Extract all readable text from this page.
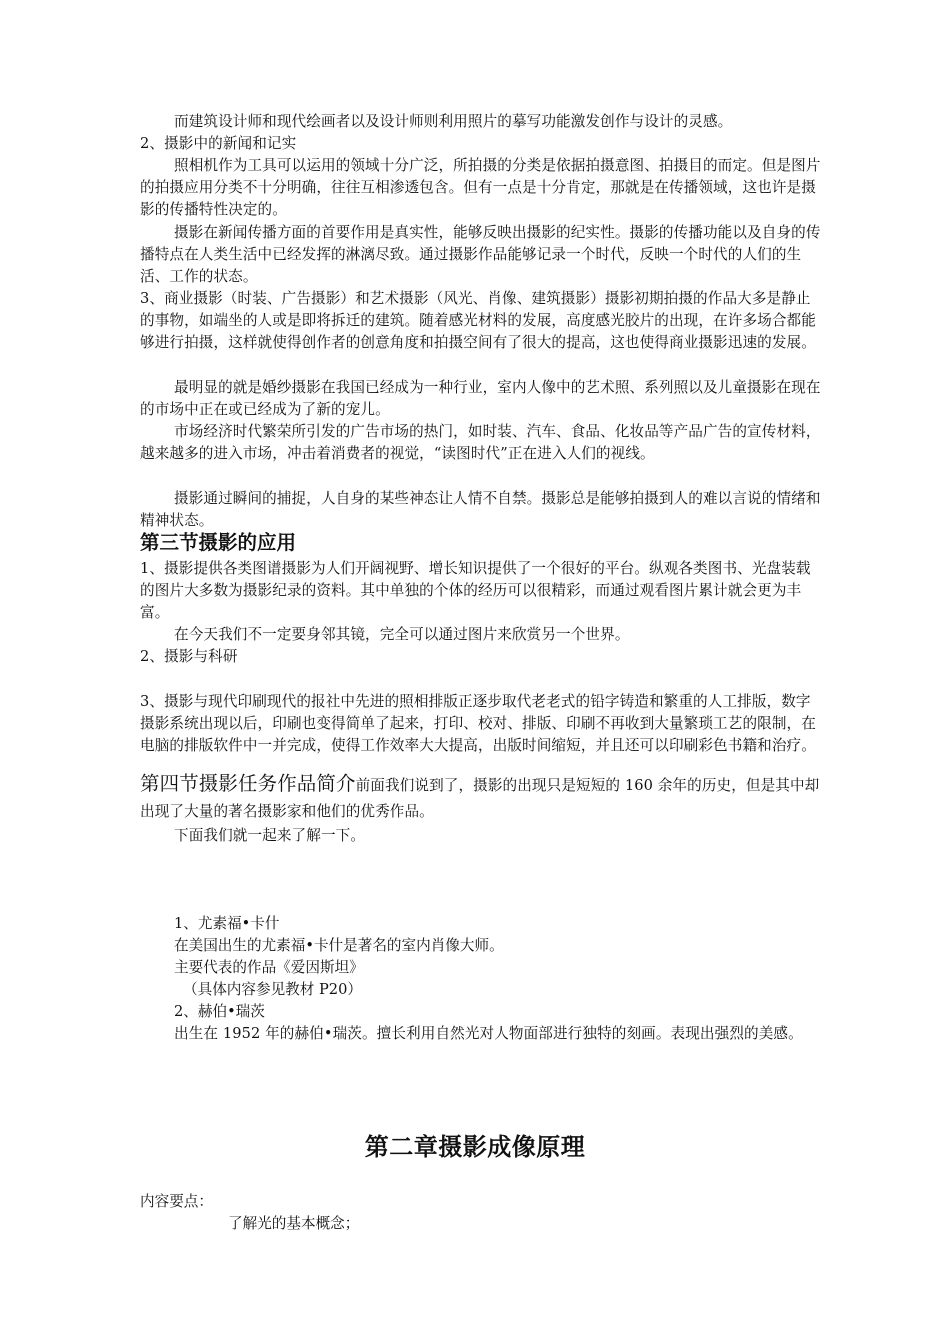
而建筑设计师和现代绘画者以及设计师则利用照片的摹写功能激发创作与设计的灵感。

2、摄影中的新闻和记实

照相机作为工具可以运用的领域十分广泛，所拍摄的分类是依据拍摄意图、拍摄目的而定。但是图片的拍摄应用分类不十分明确，往往互相渗透包含。但有一点是十分肯定，那就是在传播领域，这也许是摄影的传播特性决定的。

摄影在新闻传播方面的首要作用是真实性，能够反映出摄影的纪实性。摄影的传播功能以及自身的传播特点在人类生活中已经发挥的淋漓尽致。通过摄影作品能够记录一个时代，反映一个时代的人们的生活、工作的状态。

3、商业摄影（时装、广告摄影）和艺术摄影（风光、肖像、建筑摄影）摄影初期拍摄的作品大多是静止的事物，如端坐的人或是即将拆迁的建筑。随着感光材料的发展，高度感光胶片的出现，在许多场合都能够进行拍摄，这样就使得创作者的创意角度和拍摄空间有了很大的提高，这也使得商业摄影迅速的发展。

最明显的就是婚纱摄影在我国已经成为一种行业，室内人像中的艺术照、系列照以及儿童摄影在现在的市场中正在或已经成为了新的宠儿。

市场经济时代繁荣所引发的广告市场的热门，如时装、汽车、食品、化妆品等产品广告的宣传材料，越来越多的进入市场，冲击着消费者的视觉，“读图时代”正在进入人们的视线。

摄影通过瞬间的捕捉，人自身的某些神态让人情不自禁。摄影总是能够拍摄到人的难以言说的情绪和精神状态。

第三节摄影的应用

1、摄影提供各类图谱摄影为人们开阔视野、增长知识提供了一个很好的平台。纵观各类图书、光盘装载的图片大多数为摄影纪录的资料。其中单独的个体的经历可以很精彩，而通过观看图片累计就会更为丰富。

在今天我们不一定要身邻其镜，完全可以通过图片来欣赏另一个世界。

2、摄影与科研

3、摄影与现代印刷现代的报社中先进的照相排版正逐步取代老老式的铅字铸造和繁重的人工排版，数字摄影系统出现以后，印刷也变得简单了起来，打印、校对、排版、印刷不再收到大量繁琐工艺的限制，在电脑的排版软件中一并完成，使得工作效率大大提高，出版时间缩短，并且还可以印刷彩色书籍和治疗。

第四节摄影任务作品简介前面我们说到了，摄影的出现只是短短的 160 余年的历史，但是其中却出现了大量的著名摄影家和他们的优秀作品。

下面我们就一起来了解一下。

1、尤素福•卡什

在美国出生的尤素福•卡什是著名的室内肖像大师。

主要代表的作品《爱因斯坦》

（具体内容参见教材 P20）

2、赫伯•瑞茨

出生在 1952 年的赫伯•瑞茨。擅长利用自然光对人物面部进行独特的刻画。表现出强烈的美感。

第二章摄影成像原理

内容要点：

了解光的基本概念；
